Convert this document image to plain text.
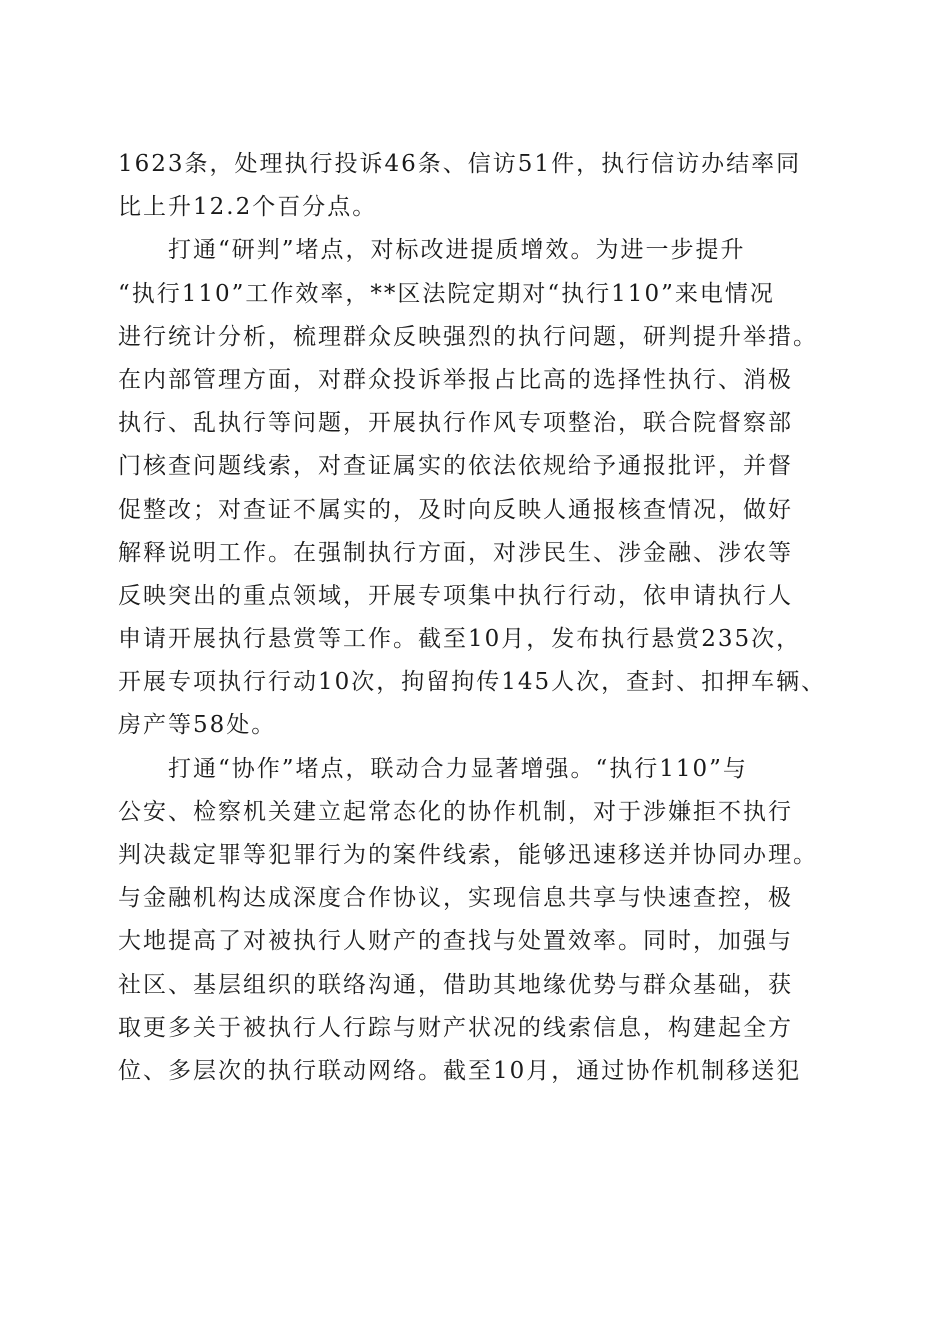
1623条，处理执行投诉46条、信访51件，执行信访办结率同
比上升12.2个百分点。
打通“研判”堵点，对标改进提质增效。为进一步提升
“执行110”工作效率，**区法院定期对“执行110”来电情况
进行统计分析，梳理群众反映强烈的执行问题，研判提升举措。
在内部管理方面，对群众投诉举报占比高的选择性执行、消极
执行、乱执行等问题，开展执行作风专项整治，联合院督察部
门核查问题线索，对查证属实的依法依规给予通报批评，并督
促整改；对查证不属实的，及时向反映人通报核查情况，做好
解释说明工作。在强制执行方面，对涉民生、涉金融、涉农等
反映突出的重点领域，开展专项集中执行行动，依申请执行人
申请开展执行悬赏等工作。截至10月，发布执行悬赏235次，
开展专项执行行动10次，拘留拘传145人次，查封、扣押车辆、
房产等58处。
打通“协作”堵点，联动合力显著增强。“执行110”与
公安、检察机关建立起常态化的协作机制，对于涉嫌拒不执行
判决裁定罪等犯罪行为的案件线索，能够迅速移送并协同办理。
与金融机构达成深度合作协议，实现信息共享与快速查控，极
大地提高了对被执行人财产的查找与处置效率。同时，加强与
社区、基层组织的联络沟通，借助其地缘优势与群众基础，获
取更多关于被执行人行踪与财产状况的线索信息，构建起全方
位、多层次的执行联动网络。截至10月，通过协作机制移送犯
